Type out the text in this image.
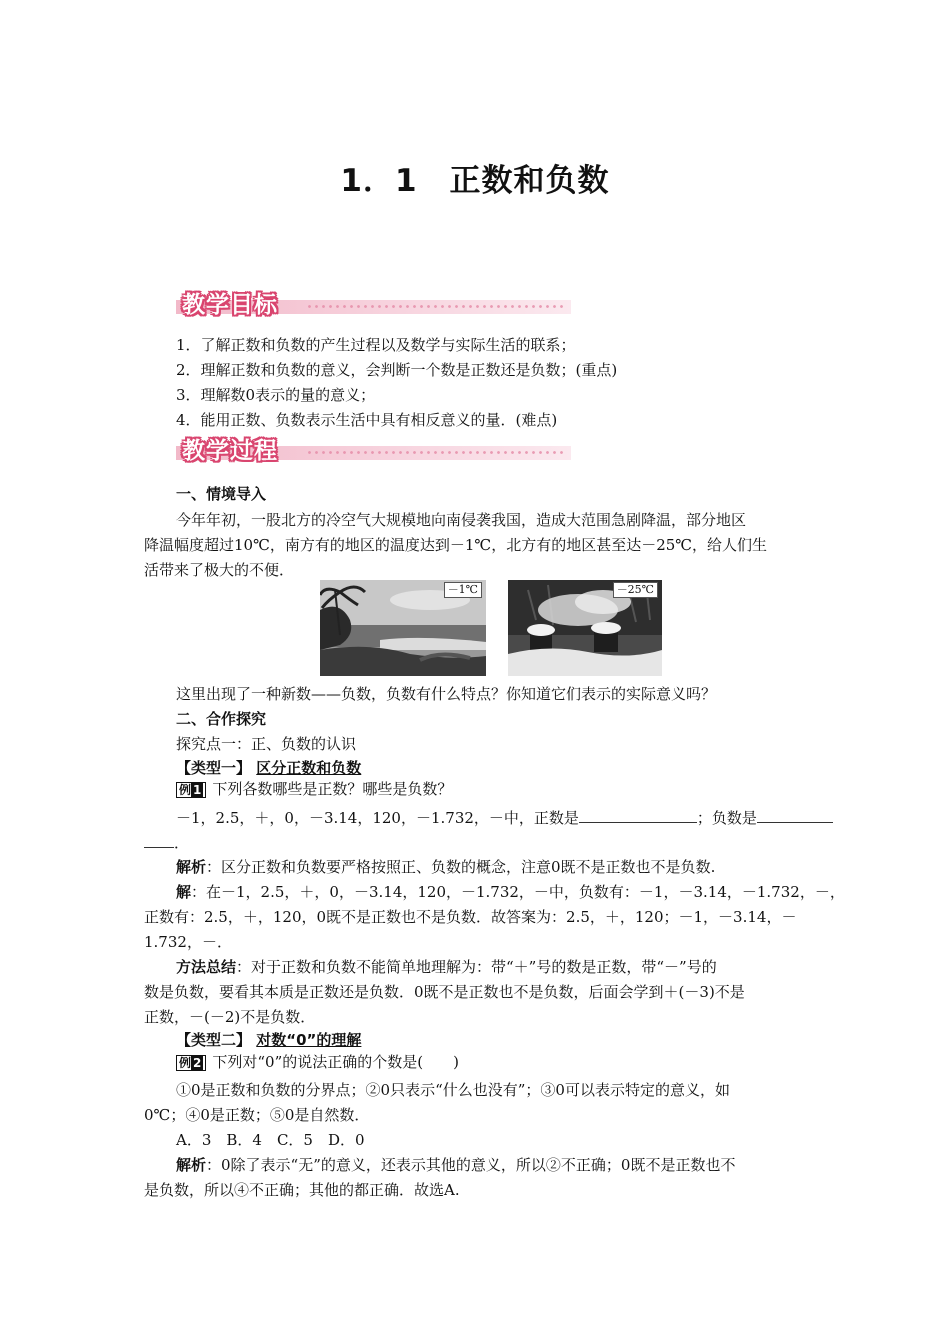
1．1　正数和负数
教学目标
1．了解正数和负数的产生过程以及数学与实际生活的联系；
2．理解正数和负数的意义，会判断一个数是正数还是负数；(重点)
3．理解数0表示的量的意义；
4．能用正数、负数表示生活中具有相反意义的量．(难点)
教学过程
一、情境导入
今年年初，一股北方的冷空气大规模地向南侵袭我国，造成大范围急剧降温，部分地区
降温幅度超过10℃，南方有的地区的温度达到－1℃，北方有的地区甚至达－25℃，给人们生
活带来了极大的不便．
－1℃	－25℃
这里出现了一种新数——负数，负数有什么特点？你知道它们表示的实际意义吗？
二、合作探究
探究点一：正、负数的认识
【类型一】 区分正数和负数
例 1 下列各数哪些是正数？哪些是负数？
－1，2.5，＋，0，－3.14，120，－1.732，－中，正数是	；负数是
．
解析：区分正数和负数要严格按照正、负数的概念，注意0既不是正数也不是负数.
解：在－1，2.5，＋，0，－3.14，120，－1.732，－中，负数有：－1，－3.14，－1.732，－，
正数有：2.5，＋，120，0既不是正数也不是负数．故答案为：2.5，＋，120；－1，－3.14，－
1.732，－．
方法总结：对于正数和负数不能简单地理解为：带“＋”号的数是正数，带“－”号的
数是负数，要看其本质是正数还是负数．0既不是正数也不是负数，后面会学到＋(－3)不是
正数，－(－2)不是负数．
【类型二】 对数“0”的理解
例 2 下列对“0”的说法正确的个数是(　　)
①0是正数和负数的分界点；②0只表示“什么也没有”；③0可以表示特定的意义，如
0℃；④0是正数；⑤0是自然数．
A．3　B．4　C．5　D．0
解析：0除了表示“无”的意义，还表示其他的意义，所以②不正确；0既不是正数也不
是负数，所以④不正确；其他的都正确．故选A.
